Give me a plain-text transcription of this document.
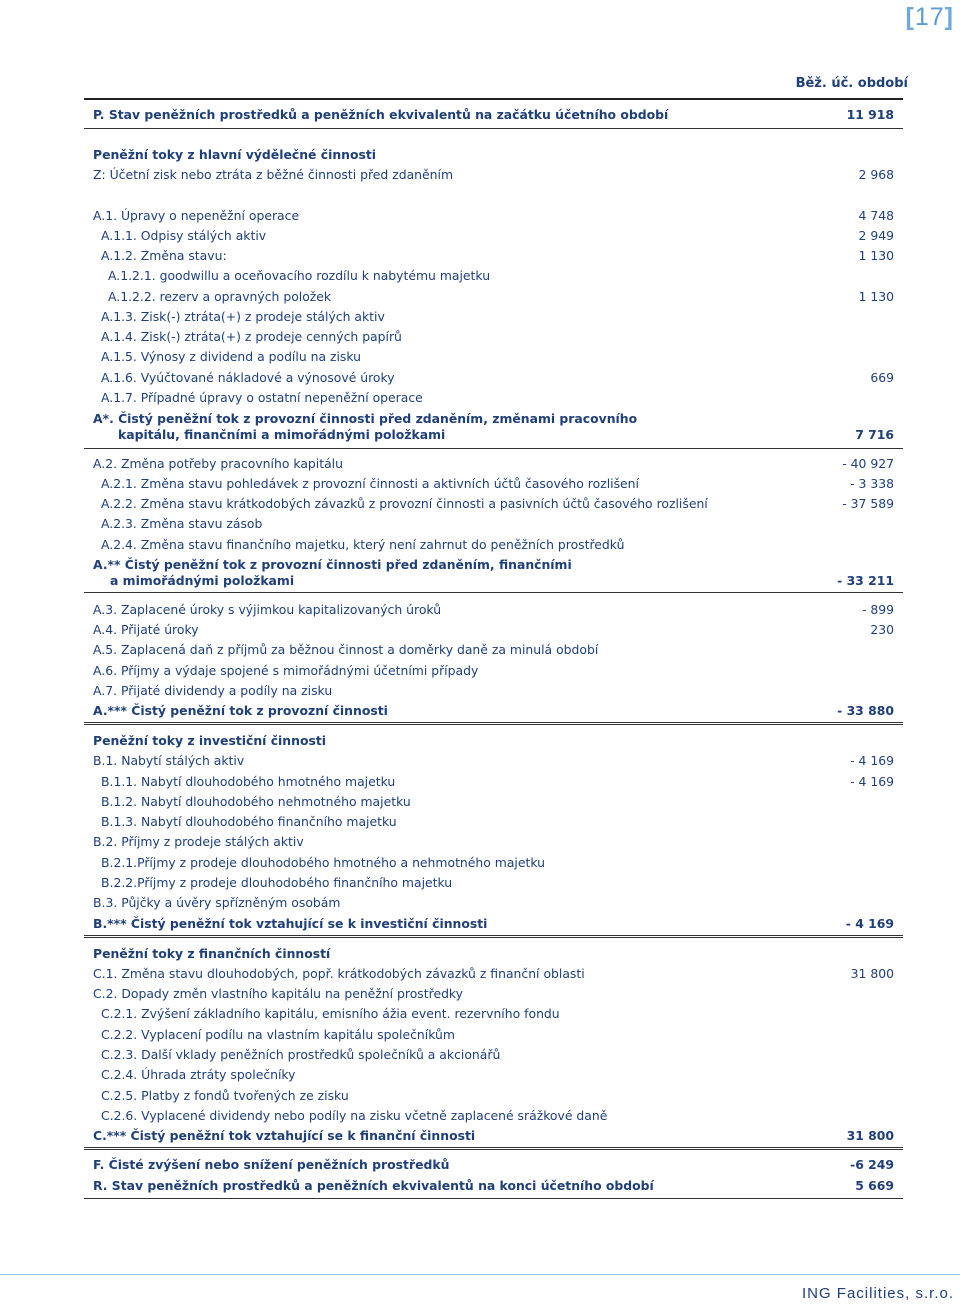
[17]
Běž. úč. období
P. Stav peněžních prostředků a peněžních ekvivalentů na začátku účetního období	11 918
Peněžní toky z hlavní výdělečné činnosti
Z: Účetní zisk nebo ztráta z běžné činnosti před zdaněním	2 968
A.1. Úpravy o nepeněžní operace	4 748
A.1.1. Odpisy stálých aktiv	2 949
A.1.2. Změna stavu:	1 130
A.1.2.1. goodwillu a oceňovacího rozdílu k nabytému majetku
A.1.2.2. rezerv a opravných položek	1 130
A.1.3. Zisk(-) ztráta(+) z prodeje stálých aktiv
A.1.4. Zisk(-) ztráta(+) z prodeje cenných papírů
A.1.5. Výnosy z dividend a podílu na zisku
A.1.6. Vyúčtované nákladové a výnosové úroky	669
A.1.7. Případné úpravy o ostatní nepeněžní operace
A*. Čistý peněžní tok z provozní činnosti před zdaněním, změnami pracovního
kapitálu, finančními a mimořádnými položkami	7 716
A.2. Změna potřeby pracovního kapitálu	- 40 927
A.2.1. Změna stavu pohledávek z provozní činnosti a aktivních účtů časového rozlišení	- 3 338
A.2.2. Změna stavu krátkodobých závazků z provozní činnosti a pasivních účtů časového rozlišení	- 37 589
A.2.3. Změna stavu zásob
A.2.4. Změna stavu finančního majetku, který není zahrnut do peněžních prostředků
A.** Čistý peněžní tok z provozní činnosti před zdaněním, finančními
a mimořádnými položkami	- 33 211
A.3. Zaplacené úroky s výjimkou kapitalizovaných úroků	- 899
A.4. Přijaté úroky	230
A.5. Zaplacená daň z příjmů za běžnou činnost a doměrky daně za minulá období
A.6. Příjmy a výdaje spojené s mimořádnými účetními případy
A.7. Přijaté dividendy a podíly na zisku
A.*** Čistý peněžní tok z provozní činnosti	- 33 880
Peněžní toky z investiční činnosti
B.1. Nabytí stálých aktiv	- 4 169
B.1.1. Nabytí dlouhodobého hmotného majetku	- 4 169
B.1.2. Nabytí dlouhodobého nehmotného majetku
B.1.3. Nabytí dlouhodobého finančního majetku
B.2. Příjmy z prodeje stálých aktiv
B.2.1.Příjmy z prodeje dlouhodobého hmotného a nehmotného majetku
B.2.2.Příjmy z prodeje dlouhodobého finančního majetku
B.3. Půjčky a úvěry spřízněným osobám
B.*** Čistý peněžní tok vztahující se k investiční činnosti	- 4 169
Peněžní toky z finančních činností
C.1. Změna stavu dlouhodobých, popř. krátkodobých závazků z finanční oblasti	31 800
C.2. Dopady změn vlastního kapitálu na peněžní prostředky
C.2.1. Zvýšení základního kapitálu, emisního ážia event. rezervního fondu
C.2.2. Vyplacení podílu na vlastním kapitálu společníkům
C.2.3. Další vklady peněžních prostředků společníků a akcionářů
C.2.4. Úhrada ztráty společníky
C.2.5. Platby z fondů tvořených ze zisku
C.2.6. Vyplacené dividendy nebo podíly na zisku včetně zaplacené srážkové daně
C.*** Čistý peněžní tok vztahující se k finanční činnosti	31 800
F. Čisté zvýšení nebo snížení peněžních prostředků	-6 249
R. Stav peněžních prostředků a peněžních ekvivalentů na konci účetního období	5 669
ING Facilities, s.r.o.
